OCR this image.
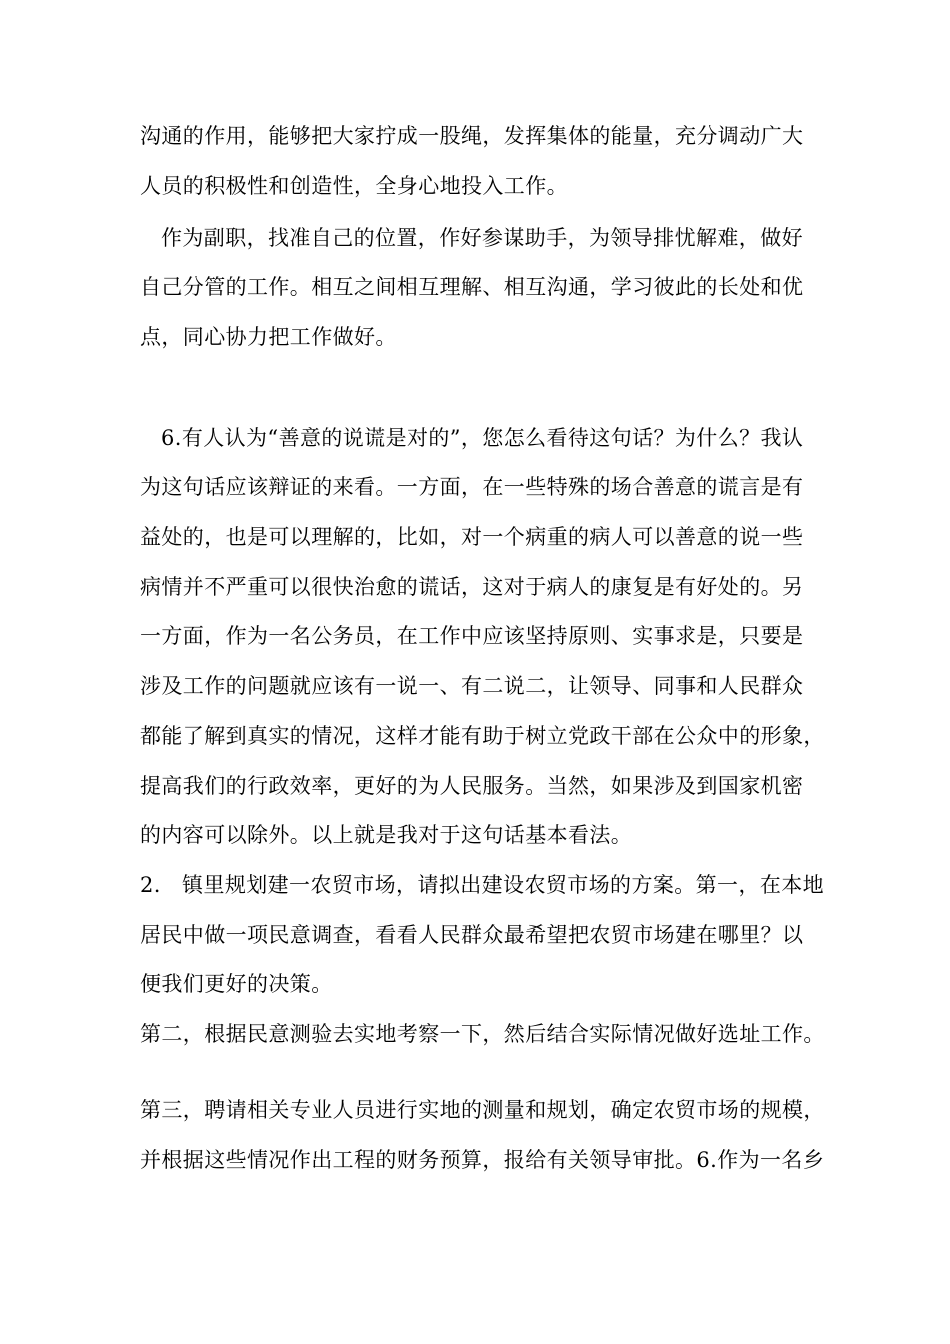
沟通的作用，能够把大家拧成一股绳，发挥集体的能量，充分调动广大
人员的积极性和创造性，全身心地投入工作。
作为副职，找准自己的位置，作好参谋助手，为领导排忧解难，做好
自己分管的工作。相互之间相互理解、相互沟通，学习彼此的长处和优
点，同心协力把工作做好。
6.有人认为“善意的说谎是对的”，您怎么看待这句话？为什么？我认
为这句话应该辩证的来看。一方面，在一些特殊的场合善意的谎言是有
益处的，也是可以理解的，比如，对一个病重的病人可以善意的说一些
病情并不严重可以很快治愈的谎话，这对于病人的康复是有好处的。另
一方面，作为一名公务员，在工作中应该坚持原则、实事求是，只要是
涉及工作的问题就应该有一说一、有二说二，让领导、同事和人民群众
都能了解到真实的情况，这样才能有助于树立党政干部在公众中的形象，
提高我们的行政效率，更好的为人民服务。当然，如果涉及到国家机密
的内容可以除外。以上就是我对于这句话基本看法。
2.   镇里规划建一农贸市场，请拟出建设农贸市场的方案。第一，在本地
居民中做一项民意调查，看看人民群众最希望把农贸市场建在哪里？以
便我们更好的决策。
第二，根据民意测验去实地考察一下，然后结合实际情况做好选址工作。
第三，聘请相关专业人员进行实地的测量和规划，确定农贸市场的规模，
并根据这些情况作出工程的财务预算，报给有关领导审批。6.作为一名乡
